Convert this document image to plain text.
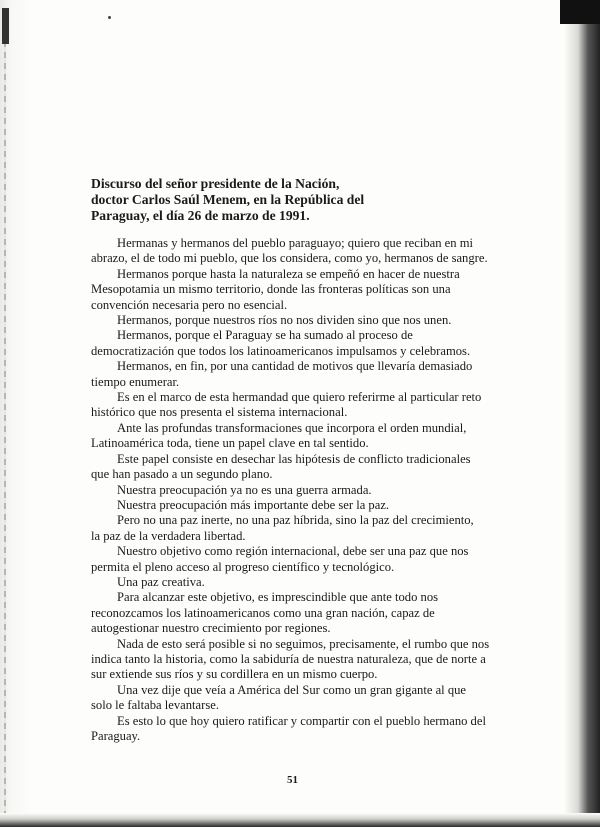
Discurso del señor presidente de la Nación,
doctor Carlos Saúl Menem, en la República del
Paraguay, el día 26 de marzo de 1991.
Hermanas y hermanos del pueblo paraguayo; quiero que reciban en mi
abrazo, el de todo mi pueblo, que los considera, como yo, hermanos de sangre.
Hermanos porque hasta la naturaleza se empeñó en hacer de nuestra
Mesopotamia un mismo territorio, donde las fronteras políticas son una
convención necesaria pero no esencial.
Hermanos, porque nuestros ríos no nos dividen sino que nos unen.
Hermanos, porque el Paraguay se ha sumado al proceso de
democratización que todos los latinoamericanos impulsamos y celebramos.
Hermanos, en fin, por una cantidad de motivos que llevaría demasiado
tiempo enumerar.
Es en el marco de esta hermandad que quiero referirme al particular reto
histórico que nos presenta el sistema internacional.
Ante las profundas transformaciones que incorpora el orden mundial,
Latinoamérica toda, tiene un papel clave en tal sentido.
Este papel consiste en desechar las hipótesis de conflicto tradicionales
que han pasado a un segundo plano.
Nuestra preocupación ya no es una guerra armada.
Nuestra preocupación más importante debe ser la paz.
Pero no una paz inerte, no una paz híbrida, sino la paz del crecimiento,
la paz de la verdadera libertad.
Nuestro objetivo como región internacional, debe ser una paz que nos
permita el pleno acceso al progreso científico y tecnológico.
Una paz creativa.
Para alcanzar este objetivo, es imprescindible que ante todo nos
reconozcamos los latinoamericanos como una gran nación, capaz de
autogestionar nuestro crecimiento por regiones.
Nada de esto será posible si no seguimos, precisamente, el rumbo que nos
indica tanto la historia, como la sabiduría de nuestra naturaleza, que de norte a
sur extiende sus ríos y su cordillera en un mismo cuerpo.
Una vez dije que veía a América del Sur como un gran gigante al que
solo le faltaba levantarse.
Es esto lo que hoy quiero ratificar y compartir con el pueblo hermano del
Paraguay.
51
